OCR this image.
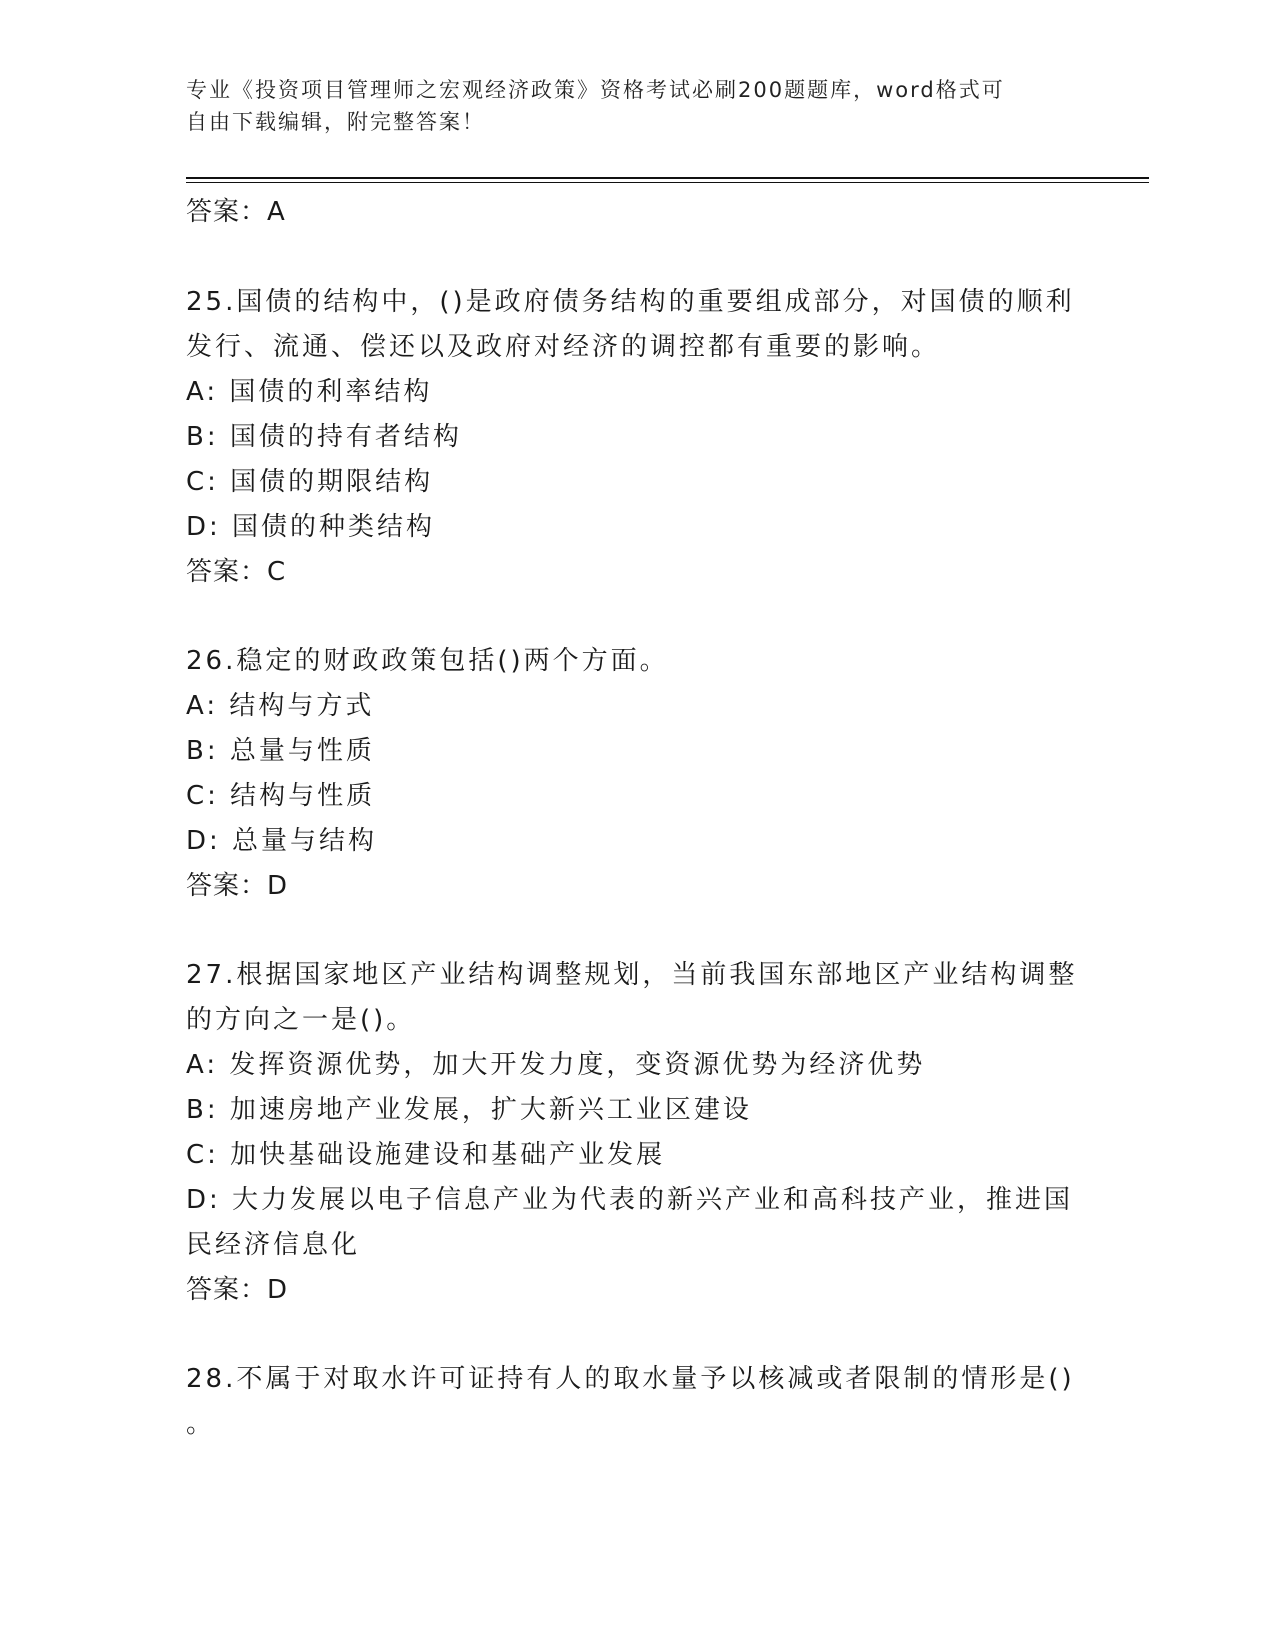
专业《投资项目管理师之宏观经济政策》资格考试必刷200题题库，word格式可
自由下载编辑，附完整答案！
答案：A
25.国债的结构中，()是政府债务结构的重要组成部分，对国债的顺利
发行、流通、偿还以及政府对经济的调控都有重要的影响。
A: 国债的利率结构
B: 国债的持有者结构
C: 国债的期限结构
D: 国债的种类结构
答案：C
26.稳定的财政政策包括()两个方面。
A: 结构与方式
B: 总量与性质
C: 结构与性质
D: 总量与结构
答案：D
27.根据国家地区产业结构调整规划，当前我国东部地区产业结构调整
的方向之一是()。
A: 发挥资源优势，加大开发力度，变资源优势为经济优势
B: 加速房地产业发展，扩大新兴工业区建设
C: 加快基础设施建设和基础产业发展
D: 大力发展以电子信息产业为代表的新兴产业和高科技产业，推进国
民经济信息化
答案：D
28.不属于对取水许可证持有人的取水量予以核减或者限制的情形是()
。
